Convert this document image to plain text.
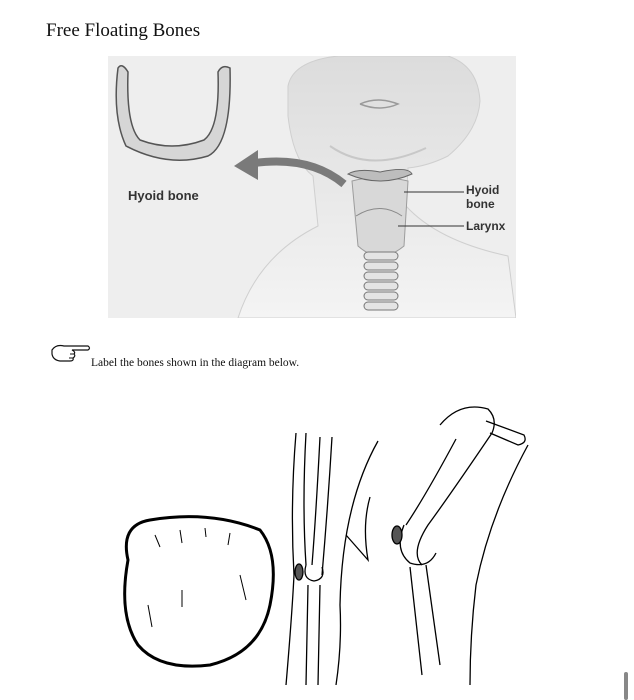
Free Floating Bones
Hyoid bone	Hyoid
bone
Larynx
Label the bones shown in the diagram below.
